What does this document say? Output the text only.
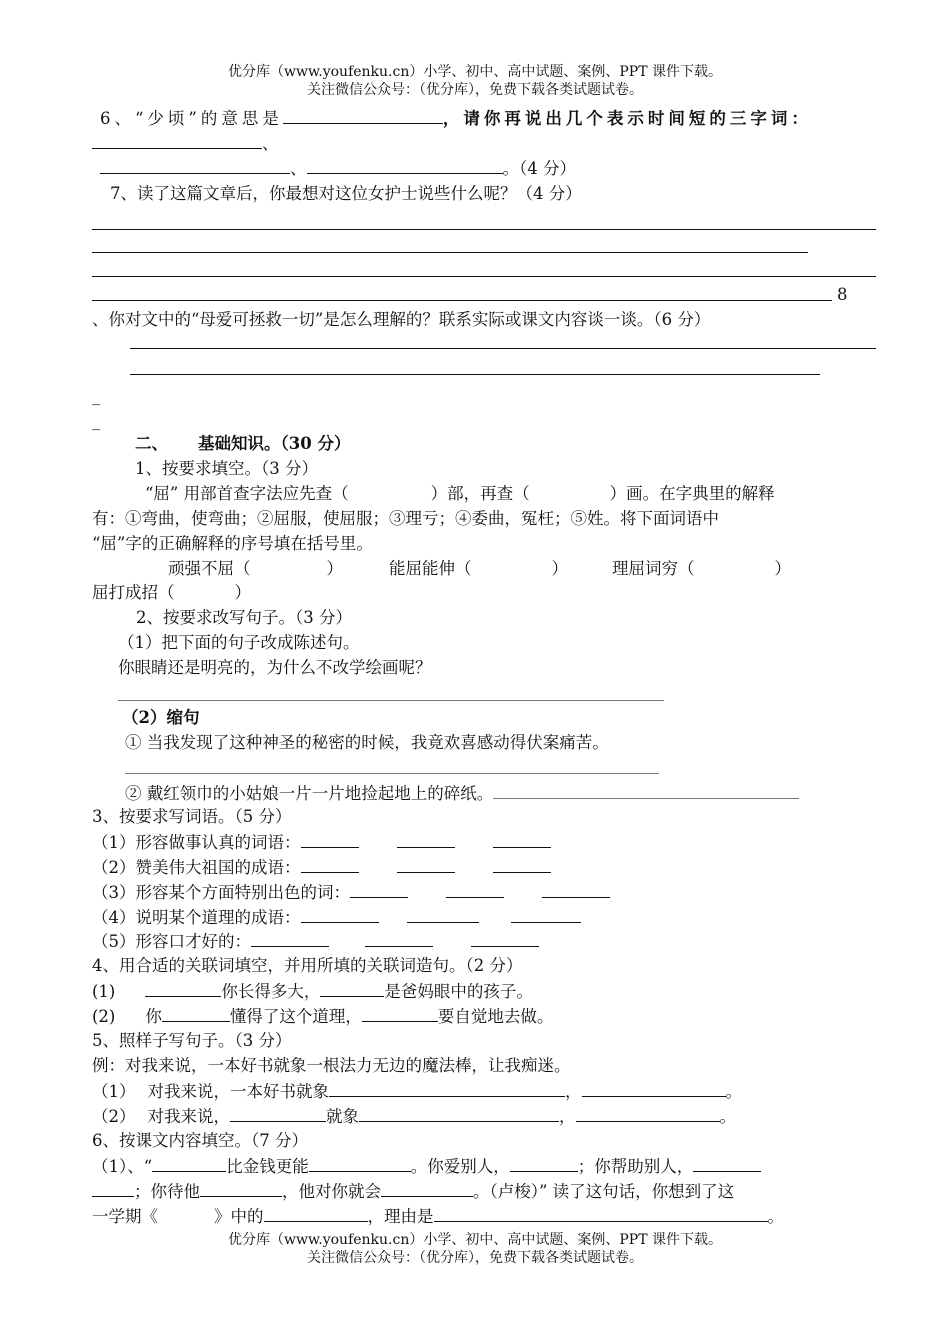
优分库（www.youfenku.cn）小学、初中、高中试题、案例、PPT 课件下载。
关注微信公众号：（优分库），免费下载各类试题试卷。
6、“少顷”的意思是	，请你再说出几个表示时间短的三字词：
、
、	。（4 分）
7、读了这篇文章后，你最想对这位女护士说些什么呢？（4 分）
8
、你对文中的“母爱可拯救一切”是怎么理解的？联系实际或课文内容谈一谈。（6 分）
_
_
二、 基础知识。（30 分）
1、按要求填空。（3 分）
“屈” 用部首查字法应先查（	）部，再查（	）画。在字典里的解释
有：①弯曲，使弯曲；②屈服，使屈服；③理亏；④委曲，冤枉；⑤姓。将下面词语中
“屈”字的正确解释的序号填在括号里。
顽强不屈（	）	能屈能伸（	）	理屈词穷（	）
屈打成招（	）
2、按要求改写句子。（3 分）
（1）把下面的句子改成陈述句。
你眼睛还是明亮的，为什么不改学绘画呢？
（2）缩句
① 当我发现了这种神圣的秘密的时候，我竟欢喜感动得伏案痛苦。
② 戴红领巾的小姑娘一片一片地捡起地上的碎纸。
3、按要求写词语。（5 分）
（1）形容做事认真的词语：
（2）赞美伟大祖国的成语：
（3）形容某个方面特别出色的词：
（4）说明某个道理的成语：
（5）形容口才好的：
4、用合适的关联词填空，并用所填的关联词造句。（2 分）
(1)	你长得多大，	是爸妈眼中的孩子。
(2) 你	懂得了这个道理，	要自觉地去做。
5、照样子写句子。（3 分）
例：对我来说，一本好书就象一根法力无边的魔法棒，让我痴迷。
（1） 对我来说，一本好书就象	，	。
（2） 对我来说，	就象	，	。
6、按课文内容填空。（7 分）
（1）、“	比金钱更能	。你爱别人，	；你帮助别人，
；你待他	，他对你就会	。（卢梭）” 读了这句话，你想到了这
一学期《	》中的	，理由是	。
优分库（www.youfenku.cn）小学、初中、高中试题、案例、PPT 课件下载。
关注微信公众号：（优分库），免费下载各类试题试卷。
